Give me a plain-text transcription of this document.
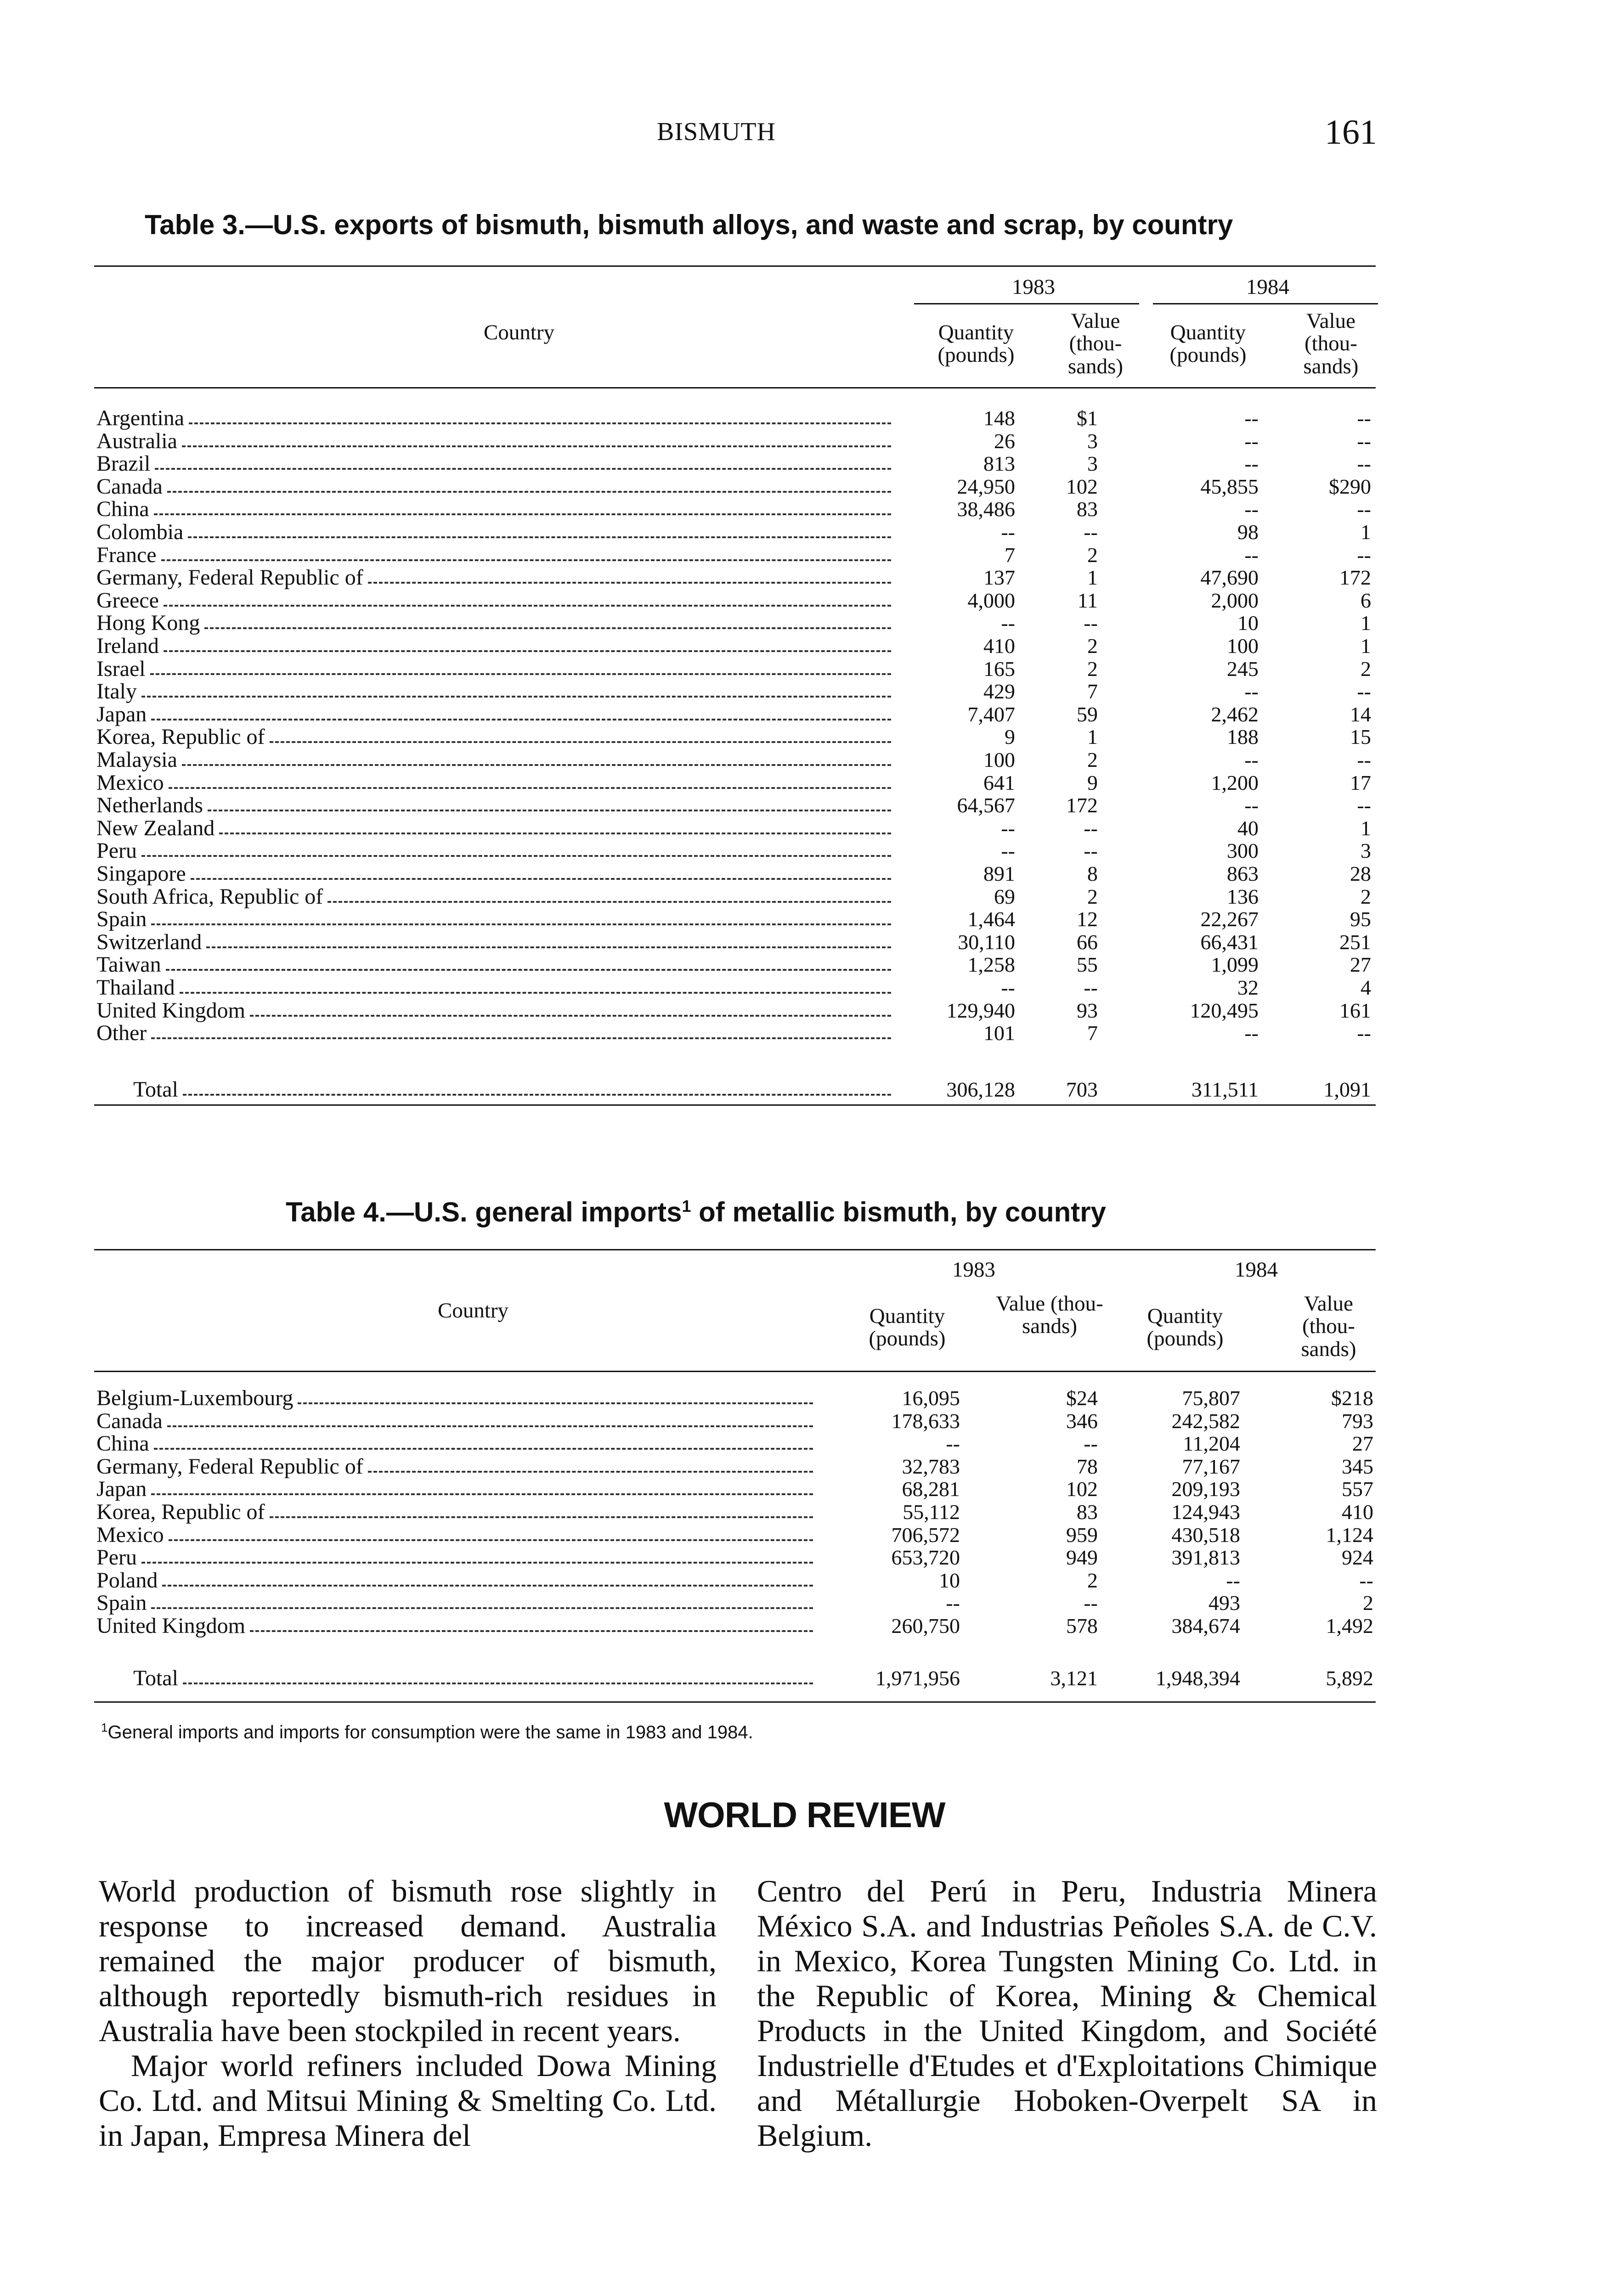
BISMUTH	161
Table 3.—U.S. exports of bismuth, bismuth alloys, and waste and scrap, by country
Country
1983	1984
Quantity (pounds)
Value (thou- sands)
Quantity (pounds)
Value (thou- sands)
Argentina	148	$1	--	--
Australia	26	3	--	--
Brazil	813	3	--	--
Canada	24,950	102	45,855	$290
China	38,486	83	--	--
Colombia	--	--	98	1
France	7	2	--	--
Germany, Federal Republic of	137	1	47,690	172
Greece	4,000	11	2,000	6
Hong Kong	--	--	10	1
Ireland	410	2	100	1
Israel	165	2	245	2
Italy	429	7	--	--
Japan	7,407	59	2,462	14
Korea, Republic of	9	1	188	15
Malaysia	100	2	--	--
Mexico	641	9	1,200	17
Netherlands	64,567	172	--	--
New Zealand	--	--	40	1
Peru	--	--	300	3
Singapore	891	8	863	28
South Africa, Republic of	69	2	136	2
Spain	1,464	12	22,267	95
Switzerland	30,110	66	66,431	251
Taiwan	1,258	55	1,099	27
Thailand	--	--	32	4
United Kingdom	129,940	93	120,495	161
Other	101	7	--	--
Total	306,128	703	311,511	1,091
Table 4.—U.S. general imports$^1$ of metallic bismuth, by country
Country
1983	1984
Quantity (pounds)
Value (thou- sands)	Quantity (pounds)
Value (thou- sands)
Belgium-Luxembourg	16,095	$24	75,807	$218
Canada	178,633	346	242,582	793
China	--	--	11,204	27
Germany, Federal Republic of	32,783	78	77,167	345
Japan	68,281	102	209,193	557
Korea, Republic of	55,112	83	124,943	410
Mexico	706,572	959	430,518	1,124
Peru	653,720	949	391,813	924
Poland	10	2	--	--
Spain	--	--	493	2
United Kingdom	260,750	578	384,674	1,492
Total	1,971,956	3,121	1,948,394	5,892
$^1$General imports and imports for consumption were the same in 1983 and 1984.
WORLD REVIEW

World production of bismuth rose slightly in response to increased demand. Australia remained the major producer of bismuth, although reportedly bismuth-rich residues in Australia have been stockpiled in recent years.

Major world refiners included Dowa Mining Co. Ltd. and Mitsui Mining & Smelting Co. Ltd. in Japan, Empresa Minera del

Centro del Perú in Peru, Industria Minera México S.A. and Industrias Peñoles S.A. de C.V. in Mexico, Korea Tungsten Mining Co. Ltd. in the Republic of Korea, Mining & Chemical Products in the United Kingdom, and Société Industrielle d'Etudes et d'Exploitations Chimique and Métallurgie Hoboken-Overpelt SA in Belgium.
